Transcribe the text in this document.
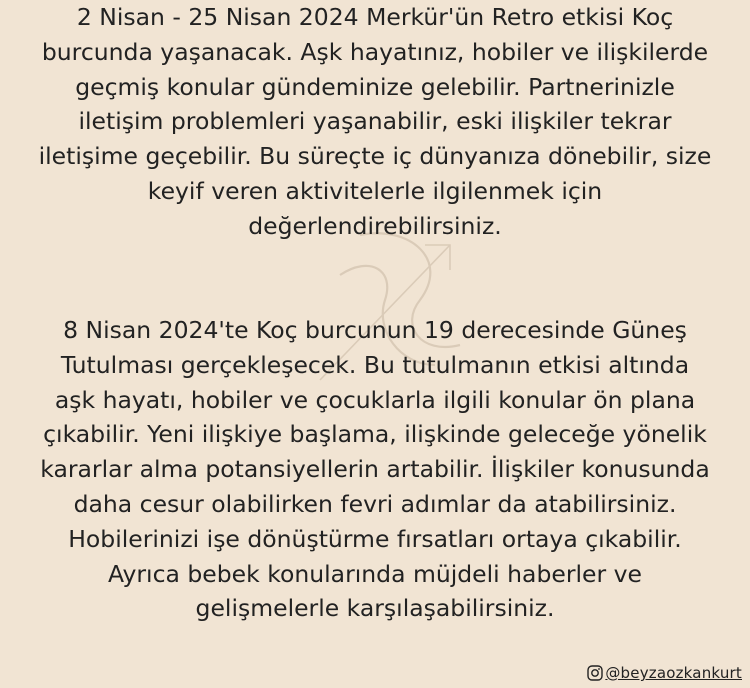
2 Nisan - 25 Nisan 2024 Merkür'ün Retro etkisi Koç
burcunda yaşanacak. Aşk hayatınız, hobiler ve ilişkilerde
geçmiş konular gündeminize gelebilir. Partnerinizle
iletişim problemleri yaşanabilir, eski ilişkiler tekrar
iletişime geçebilir. Bu süreçte iç dünyanıza dönebilir, size
keyif veren aktivitelerle ilgilenmek için
değerlendirebilirsiniz.
8 Nisan 2024'te Koç burcunun 19 derecesinde Güneş
Tutulması gerçekleşecek. Bu tutulmanın etkisi altında
aşk hayatı, hobiler ve çocuklarla ilgili konular ön plana
çıkabilir. Yeni ilişkiye başlama, ilişkinde geleceğe yönelik
kararlar alma potansiyellerin artabilir. İlişkiler konusunda
daha cesur olabilirken fevri adımlar da atabilirsiniz.
Hobilerinizi işe dönüştürme fırsatları ortaya çıkabilir.
Ayrıca bebek konularında müjdeli haberler ve
gelişmelerle karşılaşabilirsiniz.
@beyzaozkankurt
